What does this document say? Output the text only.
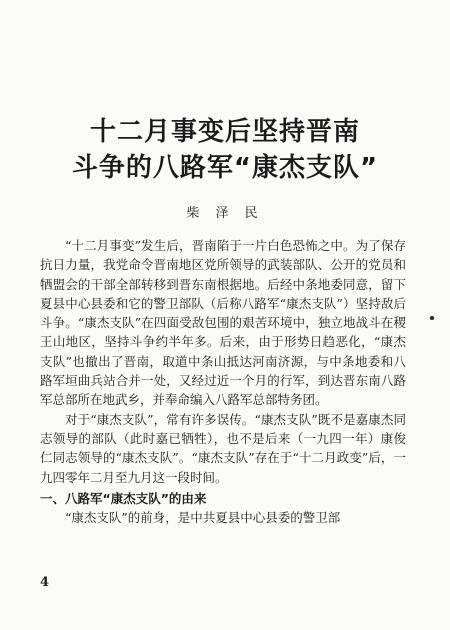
十二月事变后坚持晋南
斗争的八路军“康杰支队”

柴 泽 民

“十二月事变”发生后，晋南陷于一片白色恐怖之中。为了保存抗日力量，我党命令晋南地区党所领导的武装部队、公开的党员和牺盟会的干部全部转移到晋东南根据地。后经中条地委同意，留下夏县中心县委和它的警卫部队（后称八路军“康杰支队”）坚持敌后斗争。“康杰支队”在四面受敌包围的艰苦环境中，独立地战斗在稷王山地区，坚持斗争约半年多。后来，由于形势日趋恶化，“康杰支队”也撤出了晋南，取道中条山抵达河南济源，与中条地委和八路军垣曲兵站合并一处，又经过近一个月的行军，到达晋东南八路军总部所在地武乡，并奉命编入八路军总部特务团。

对于“康杰支队”，常有许多误传。“康杰支队”既不是嘉康杰同志领导的部队（此时嘉已牺牲），也不是后来（一九四一年）康俊仁同志领导的“康杰支队”。“康杰支队”存在于“十二月政变”后，一九四零年二月至九月这一段时间。

一、八路军“康杰支队”的由来

“康杰支队”的前身，是中共夏县中心县委的警卫部

4
